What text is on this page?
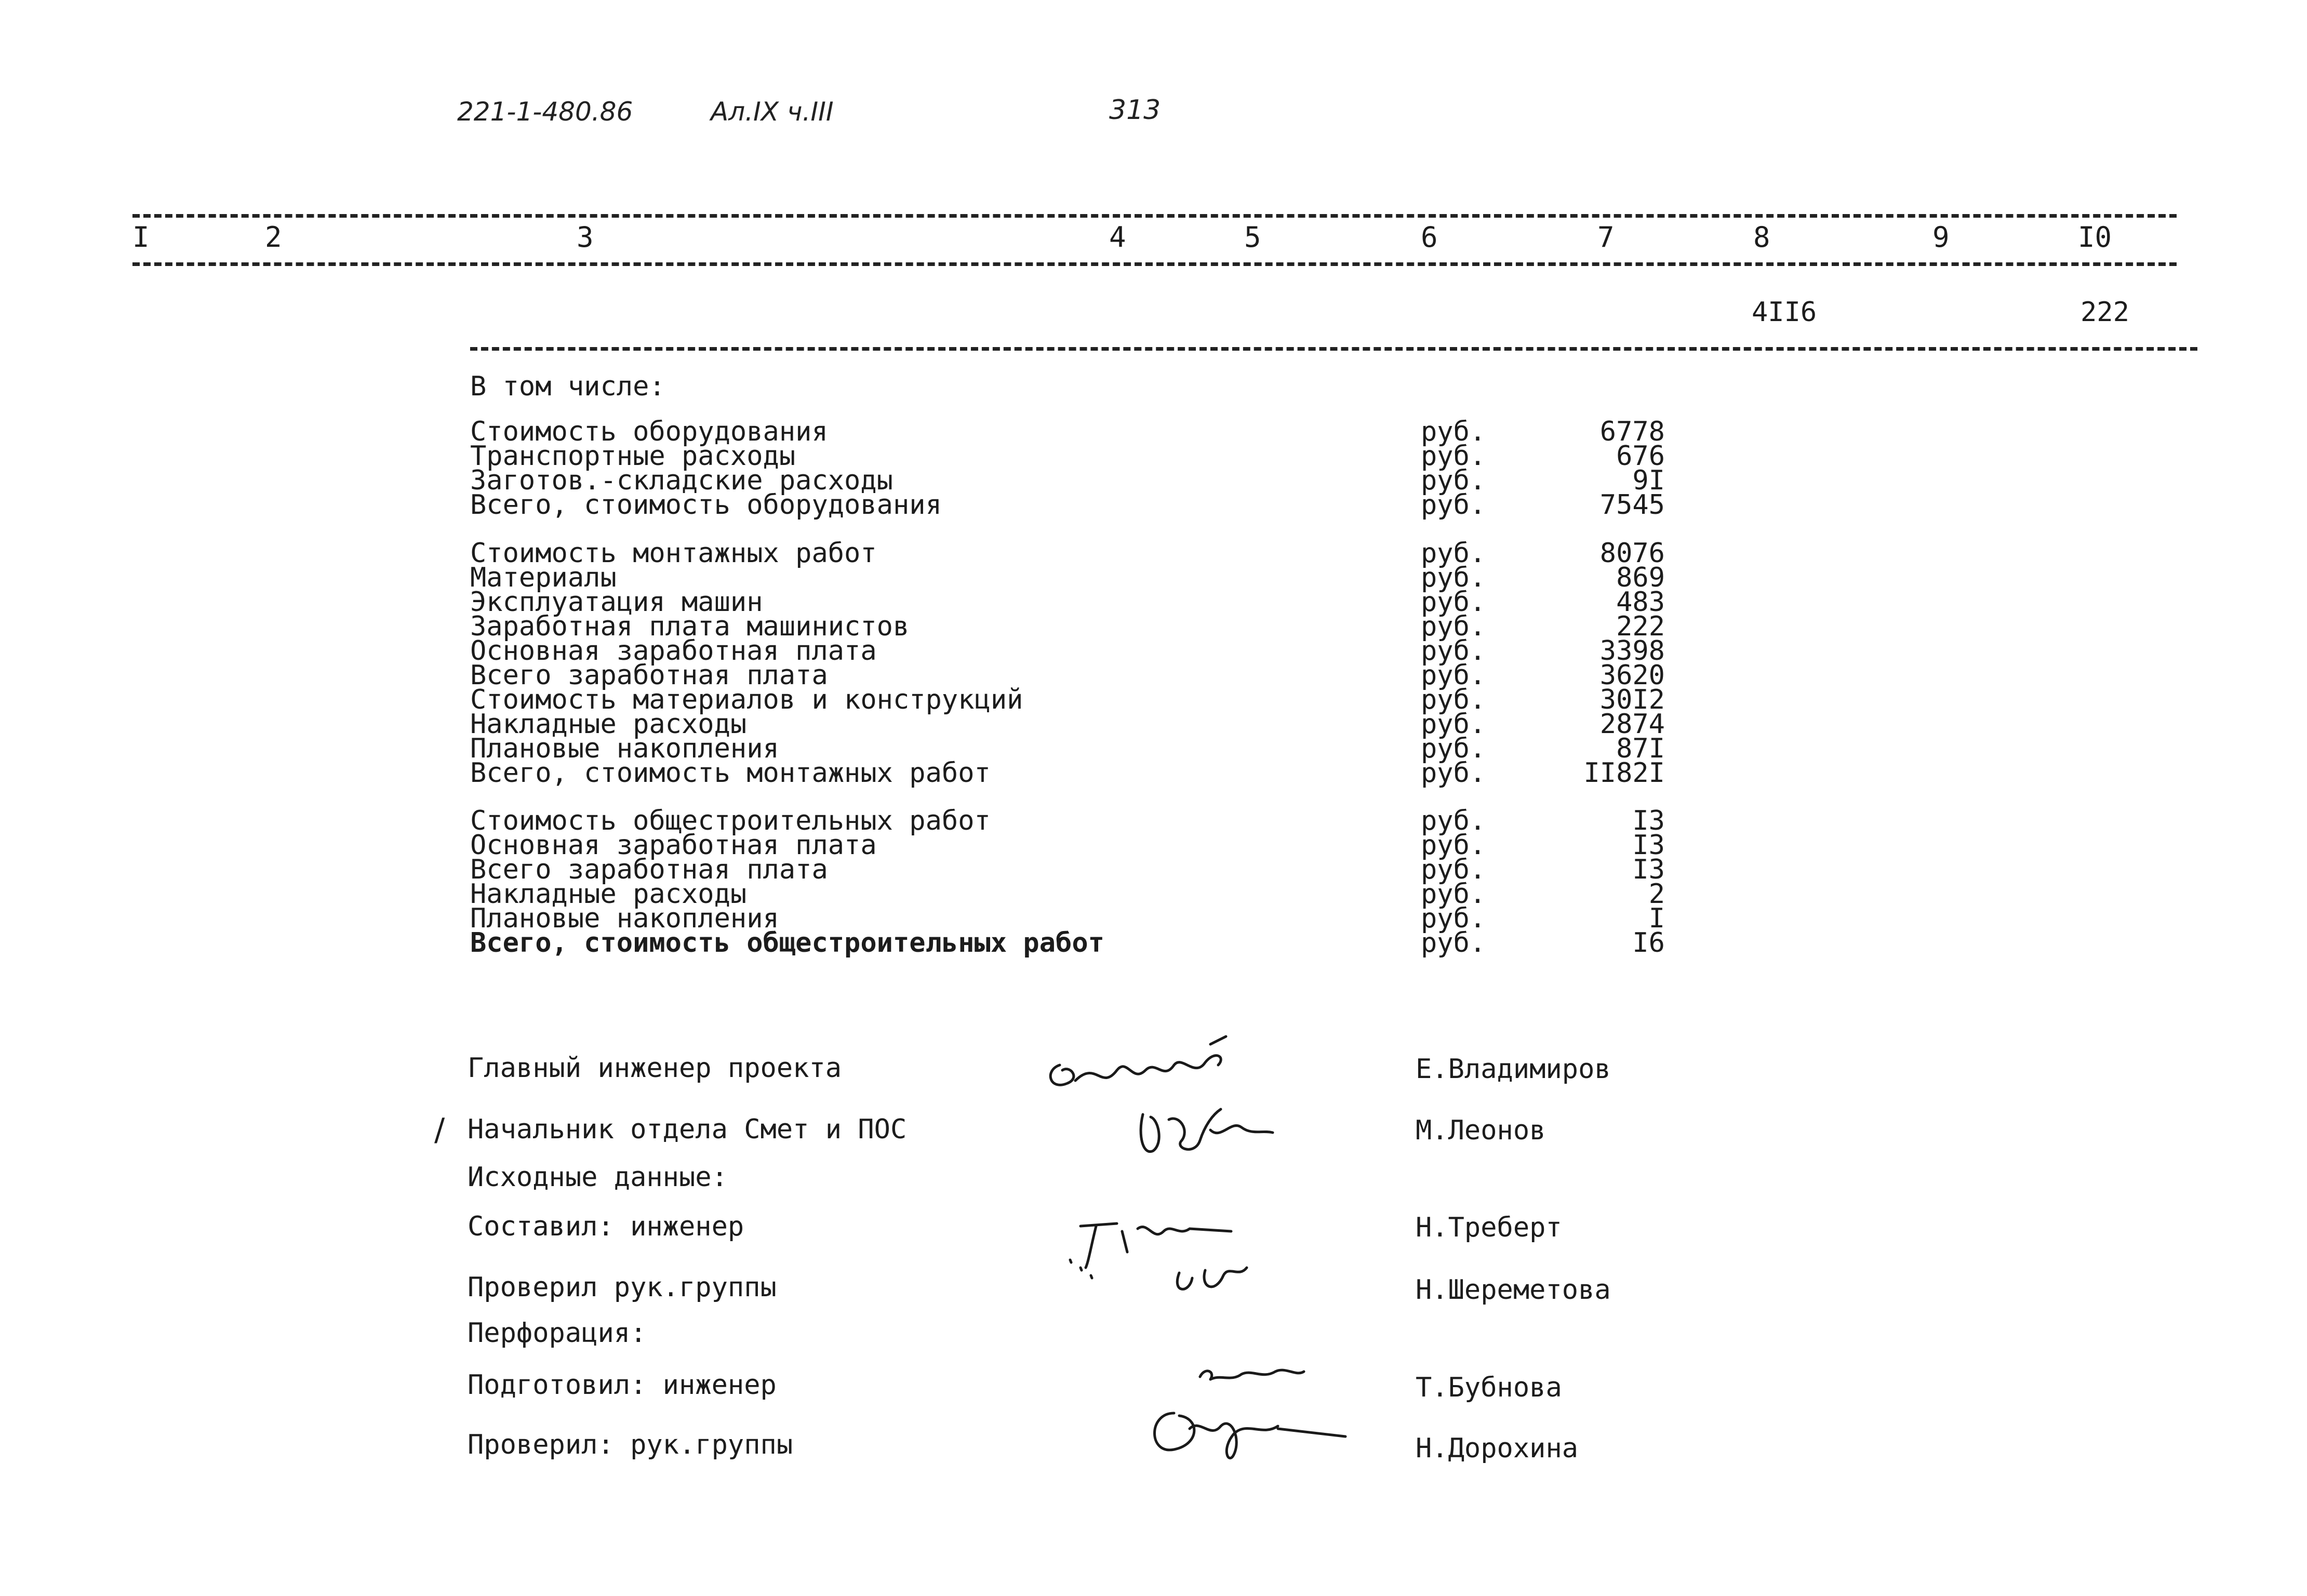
221-1-480.86	Ал.IX ч.III	313
I	2	3	4	5	6	7	8	9	I0
4II6	222
В том числе:
Стоимость оборудования	руб.	6778
Транспортные расходы	руб.	676
Заготов.-складские расходы	руб.	9I
Всего, стоимость оборудования	руб.	7545
Стоимость монтажных работ	руб.	8076
Материалы	руб.	869
Эксплуатация машин	руб.	483
Заработная плата машинистов	руб.	222
Основная заработная плата	руб.	3398
Всего заработная плата	руб.	3620
Стоимость материалов и конструкций	руб.	30I2
Накладные расходы	руб.	2874
Плановые накопления	руб.	87I
Всего, стоимость монтажных работ	руб.	II82I
Стоимость общестроительных работ	руб.	I3
Основная заработная плата	руб.	I3
Всего заработная плата	руб.	I3
Накладные расходы	руб.	2
Плановые накопления	руб.	I
Всего, стоимость общестроительных работ	руб.	I6
Главный инженер проекта	Е.Владимиров
/ Начальник отдела Смет и ПОС	М.Леонов
Исходные данные:
Составил: инженер	Н.Треберт
Проверил рук.группы	Н.Шереметова
Перфорация:
Подготовил: инженер	Т.Бубнова
Проверил: рук.группы	Н.Дорохина
